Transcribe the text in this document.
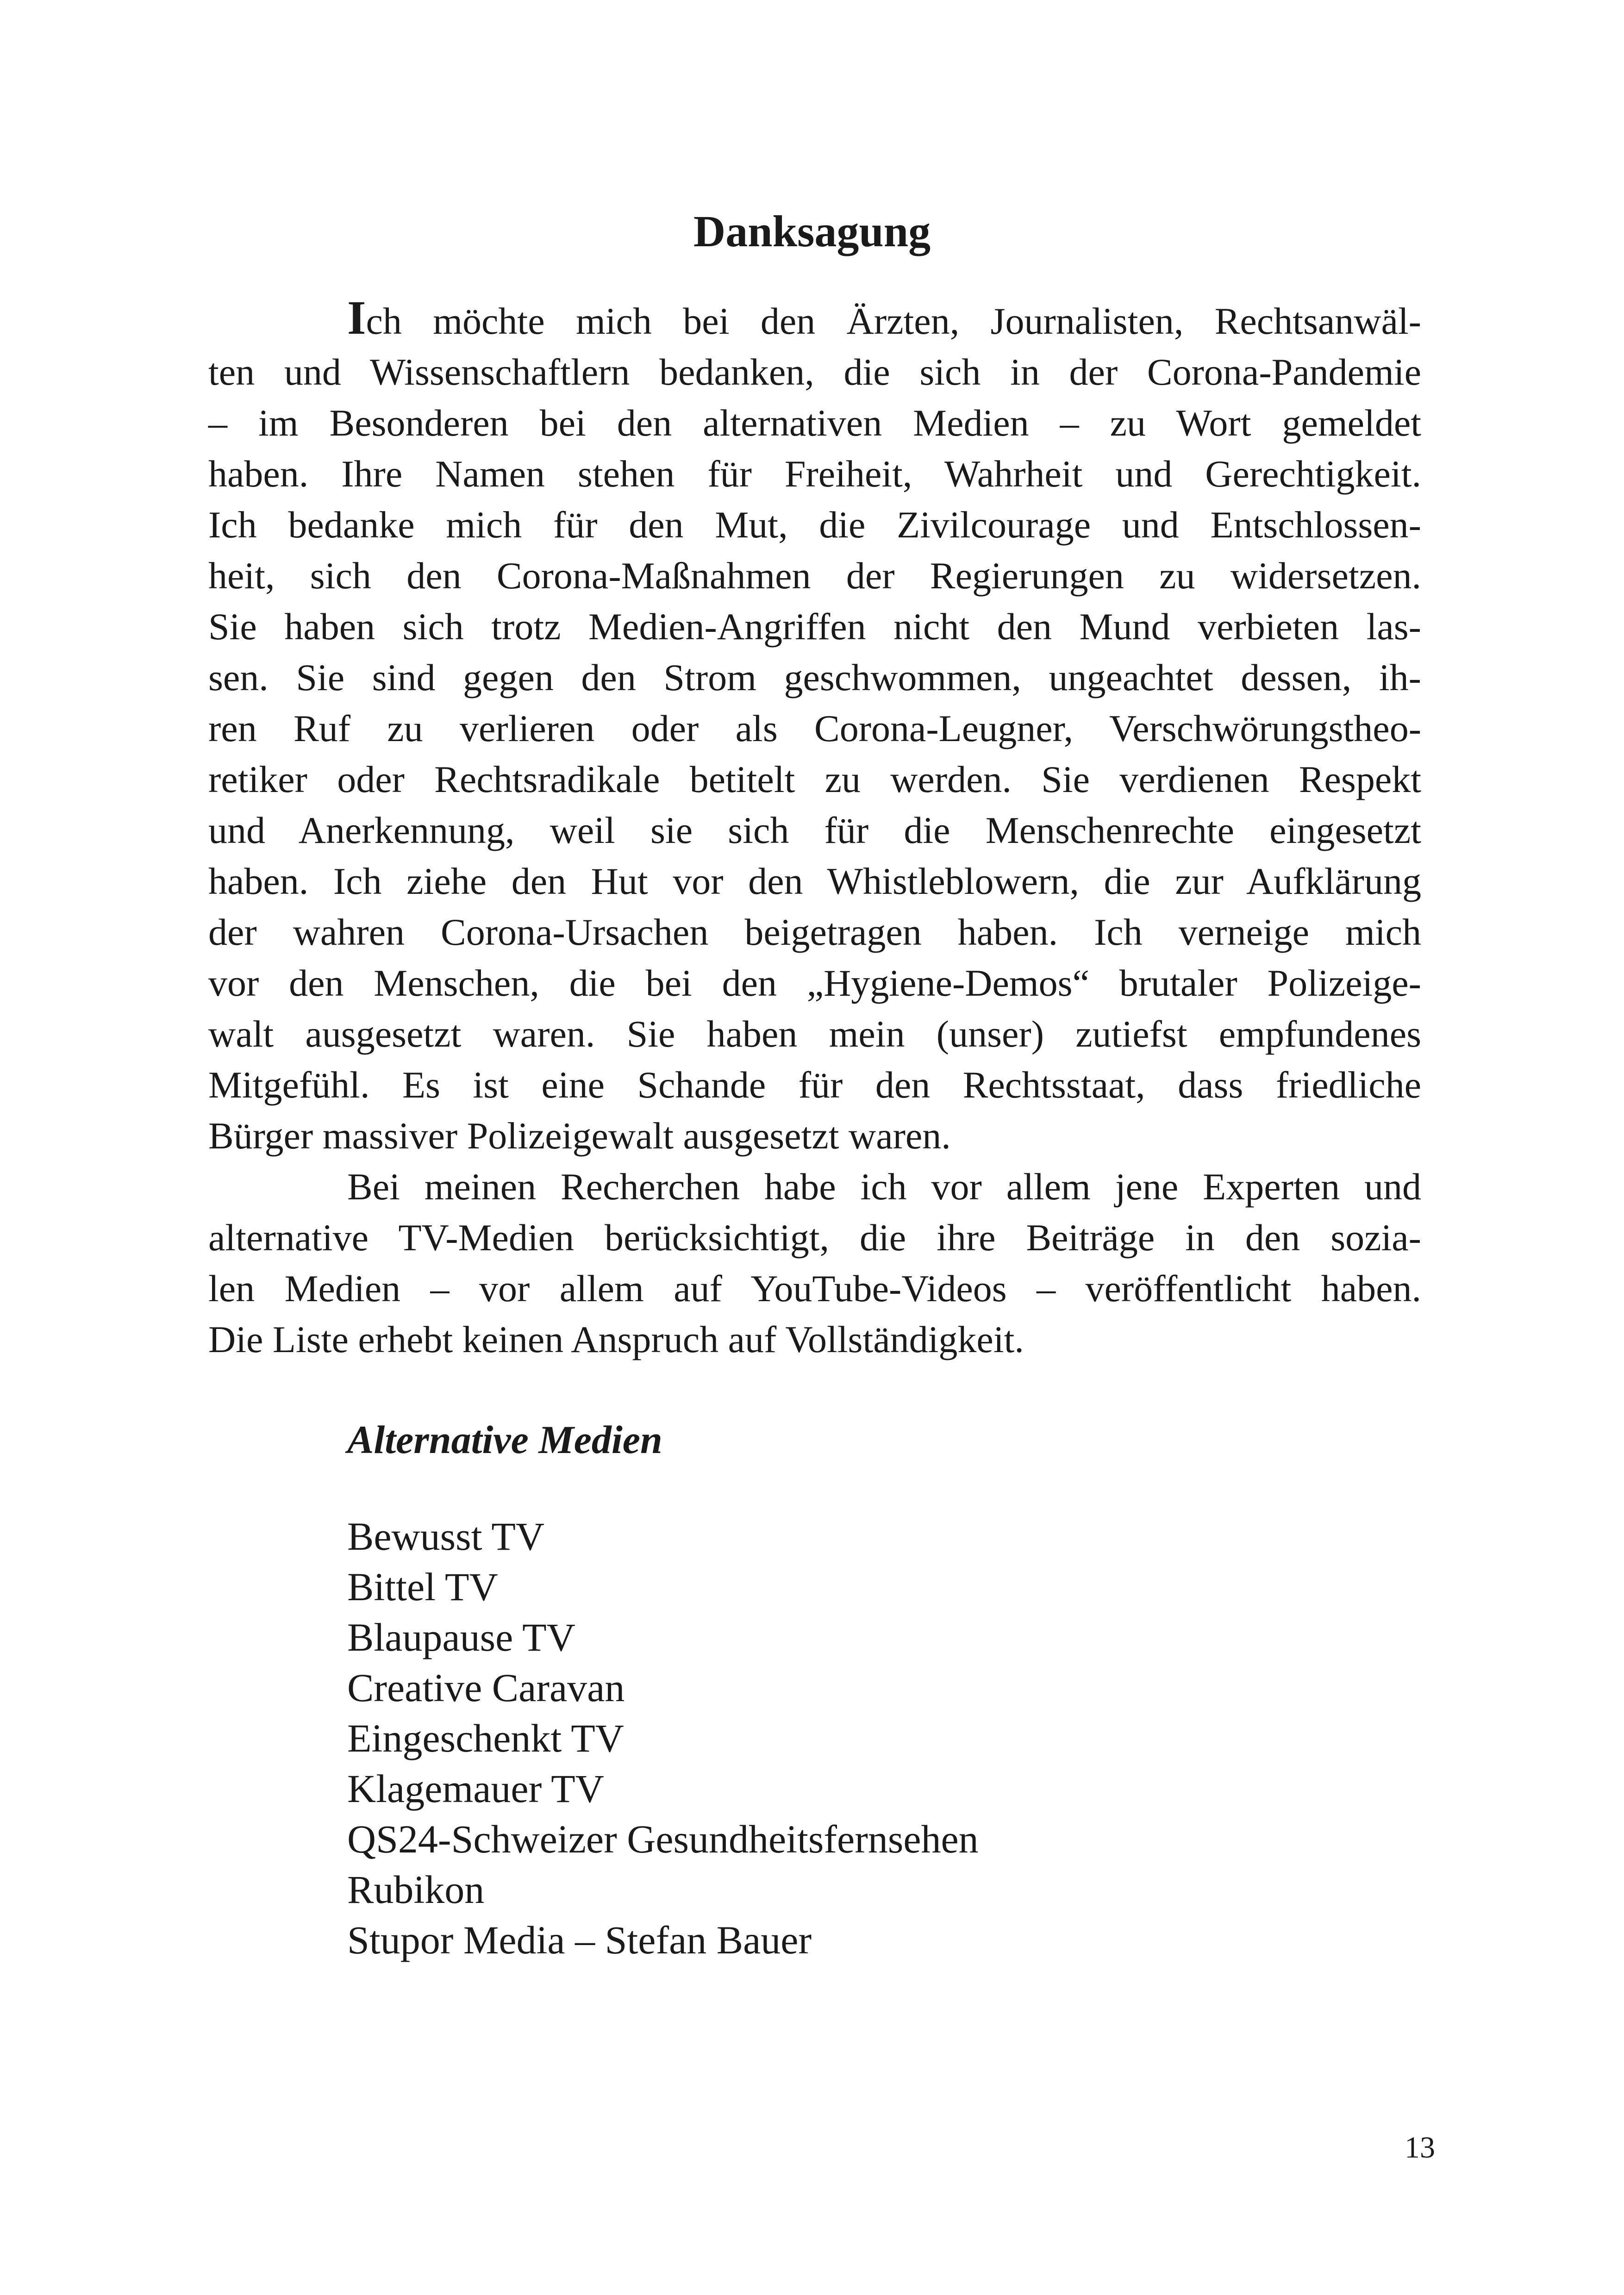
Danksagung
Ich möchte mich bei den Ärzten, Journalisten, Rechtsanwäl-
ten und Wissenschaftlern bedanken, die sich in der Corona-Pandemie
– im Besonderen bei den alternativen Medien – zu Wort gemeldet
haben. Ihre Namen stehen für Freiheit, Wahrheit und Gerechtigkeit.
Ich bedanke mich für den Mut, die Zivilcourage und Entschlossen-
heit, sich den Corona-Maßnahmen der Regierungen zu widersetzen.
Sie haben sich trotz Medien-Angriffen nicht den Mund verbieten las-
sen. Sie sind gegen den Strom geschwommen, ungeachtet dessen, ih-
ren Ruf zu verlieren oder als Corona-Leugner, Verschwörungstheo-
retiker oder Rechtsradikale betitelt zu werden. Sie verdienen Respekt
und Anerkennung, weil sie sich für die Menschenrechte eingesetzt
haben. Ich ziehe den Hut vor den Whistleblowern, die zur Aufklärung
der wahren Corona-Ursachen beigetragen haben. Ich verneige mich
vor den Menschen, die bei den „Hygiene-Demos“ brutaler Polizeige-
walt ausgesetzt waren. Sie haben mein (unser) zutiefst empfundenes
Mitgefühl. Es ist eine Schande für den Rechtsstaat, dass friedliche
Bürger massiver Polizeigewalt ausgesetzt waren.
Bei meinen Recherchen habe ich vor allem jene Experten und
alternative TV-Medien berücksichtigt, die ihre Beiträge in den sozia-
len Medien – vor allem auf YouTube-Videos – veröffentlicht haben.
Die Liste erhebt keinen Anspruch auf Vollständigkeit.
Alternative Medien
Bewusst TV
Bittel TV
Blaupause TV
Creative Caravan
Eingeschenkt TV
Klagemauer TV
QS24-Schweizer Gesundheitsfernsehen
Rubikon
Stupor Media – Stefan Bauer
13
